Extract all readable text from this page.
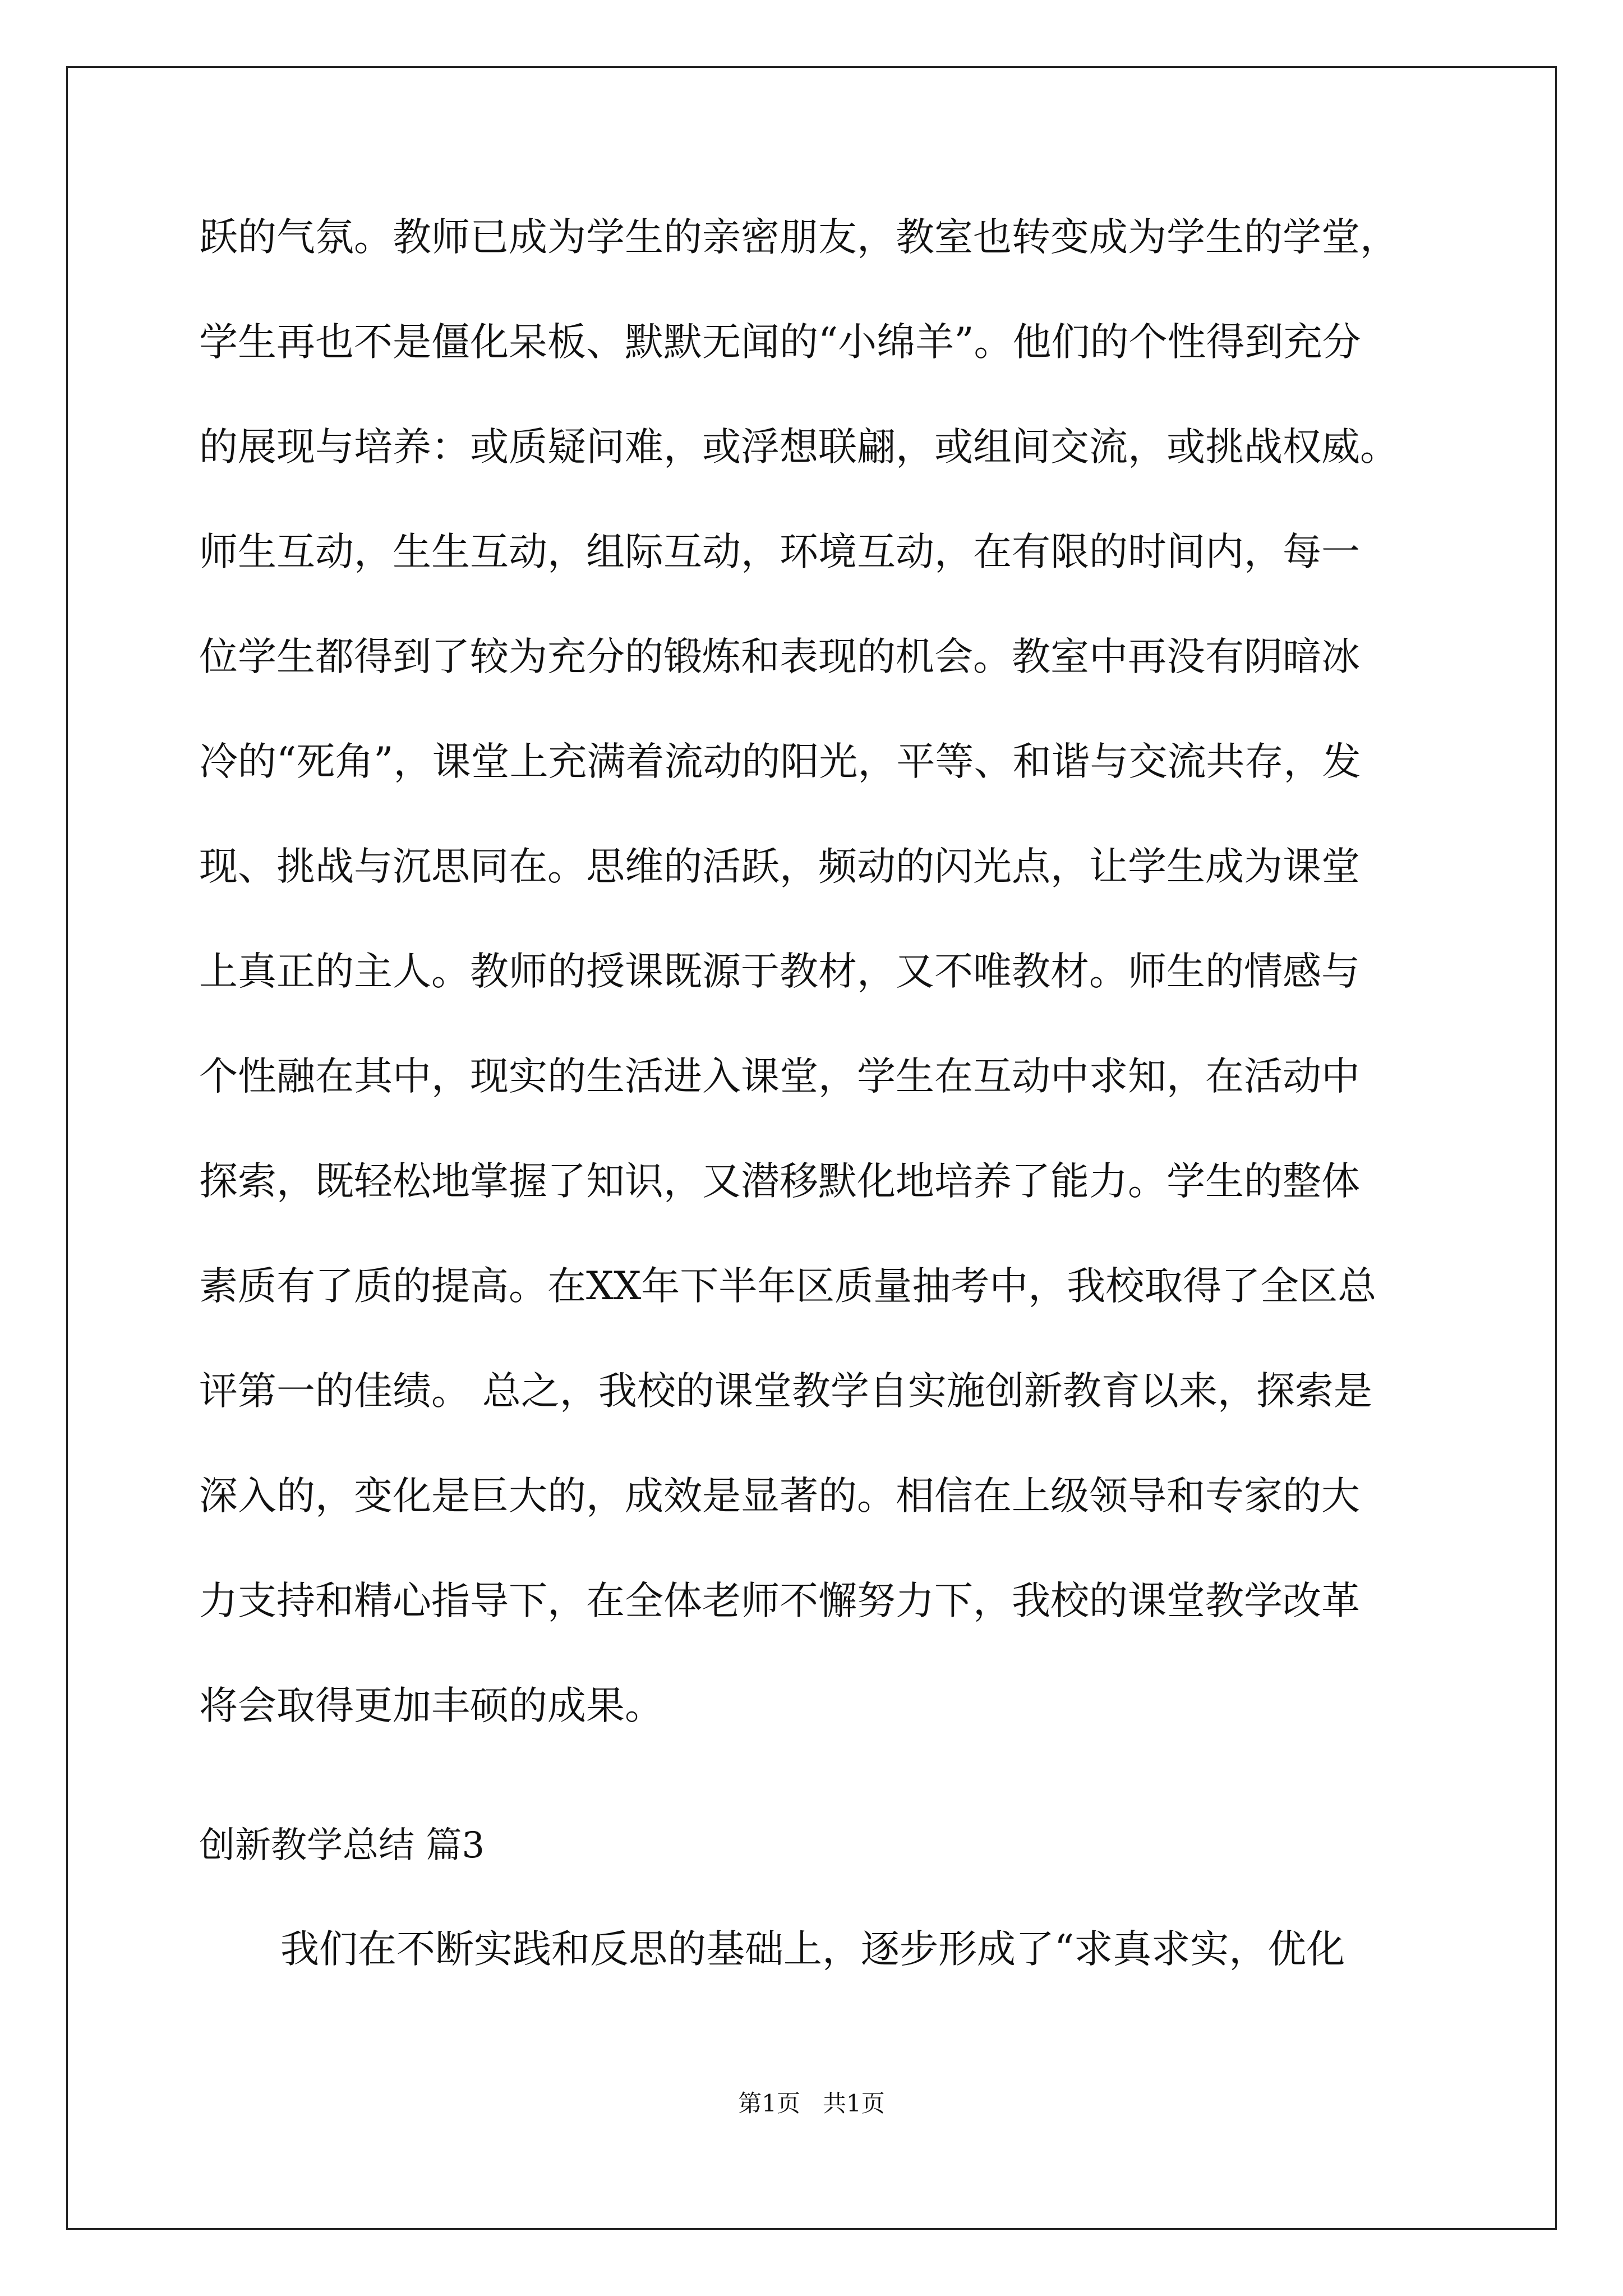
跃的气氛。教师已成为学生的亲密朋友，教室也转变成为学生的学堂，
学生再也不是僵化呆板、默默无闻的“小绵羊”。他们的个性得到充分
的展现与培养：或质疑问难，或浮想联翩，或组间交流，或挑战权威。
师生互动，生生互动，组际互动，环境互动，在有限的时间内，每一
位学生都得到了较为充分的锻炼和表现的机会。教室中再没有阴暗冰
冷的“死角”，课堂上充满着流动的阳光，平等、和谐与交流共存，发
现、挑战与沉思同在。思维的活跃，频动的闪光点，让学生成为课堂
上真正的主人。教师的授课既源于教材，又不唯教材。师生的情感与
个性融在其中，现实的生活进入课堂，学生在互动中求知，在活动中
探索，既轻松地掌握了知识，又潜移默化地培养了能力。学生的整体
素质有了质的提高。在XX年下半年区质量抽考中，我校取得了全区总
评第一的佳绩。 总之，我校的课堂教学自实施创新教育以来，探索是
深入的，变化是巨大的，成效是显著的。相信在上级领导和专家的大
力支持和精心指导下，在全体老师不懈努力下，我校的课堂教学改革
将会取得更加丰硕的成果。
创新教学总结 篇3
我们在不断实践和反思的基础上，逐步形成了“求真求实，优化
第1页   共1页
